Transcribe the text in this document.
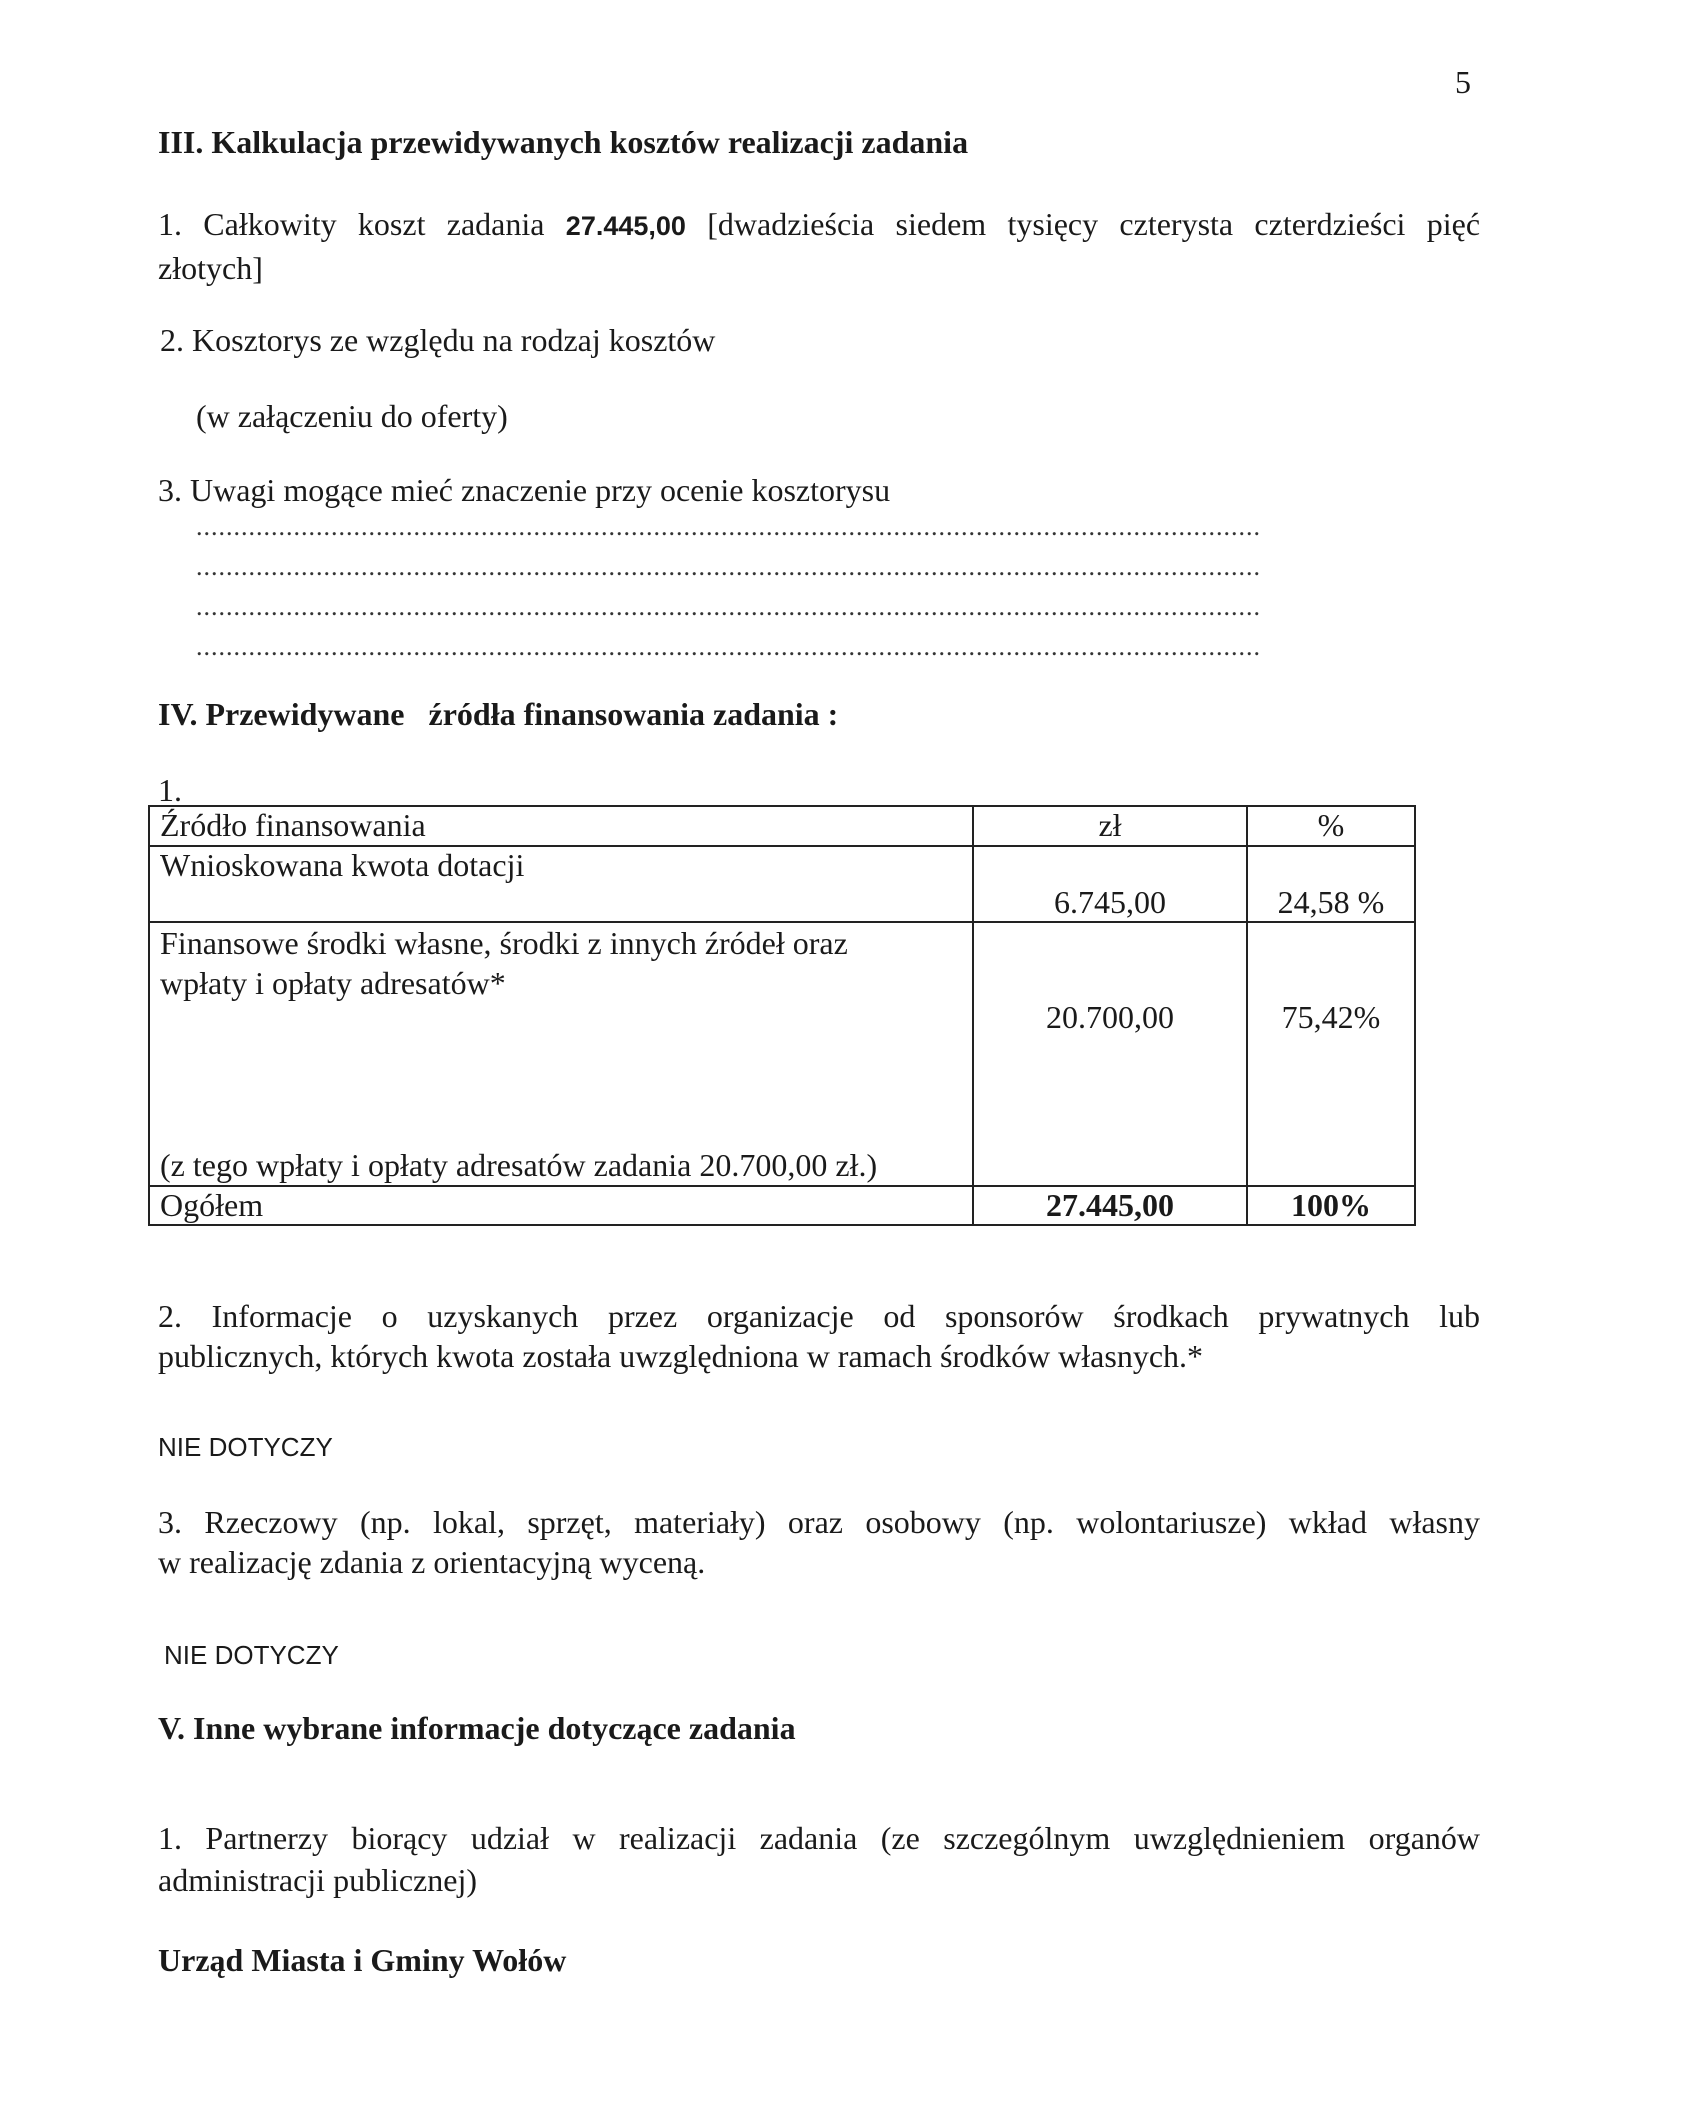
5
III. Kalkulacja przewidywanych kosztów realizacji zadania
1. Całkowity koszt zadania 27.445,00 [dwadzieścia siedem tysięcy czterysta czterdzieści pięć
złotych]
2. Kosztorys ze względu na rodzaj kosztów
(w załączeniu do oferty)
3. Uwagi mogące mieć znaczenie przy ocenie kosztorysu
..............................................................................................................................................
..............................................................................................................................................
..............................................................................................................................................
..............................................................................................................................................
IV. Przewidywane   źródła finansowania zadania :
1.
Źródło finansowania	zł	%
Wnioskowana kwota dotacji	6.745,00	24,58 %

Finansowe środki własne, środki z innych źródeł oraz
wpłaty i opłaty adresatów*
(z tego wpłaty i opłaty adresatów zadania 20.700,00 zł.)	20.700,00	75,42%
Ogółem	27.445,00	100%
2. Informacje o uzyskanych przez organizacje od sponsorów środkach prywatnych lub
publicznych, których kwota została uwzględniona w ramach środków własnych.*
NIE DOTYCZY
3. Rzeczowy (np. lokal, sprzęt, materiały) oraz osobowy (np. wolontariusze) wkład własny
w realizację zdania z orientacyjną wyceną.
NIE DOTYCZY
V. Inne wybrane informacje dotyczące zadania
1. Partnerzy biorący udział w realizacji zadania (ze szczególnym uwzględnieniem organów
administracji publicznej)
Urząd Miasta i Gminy Wołów
